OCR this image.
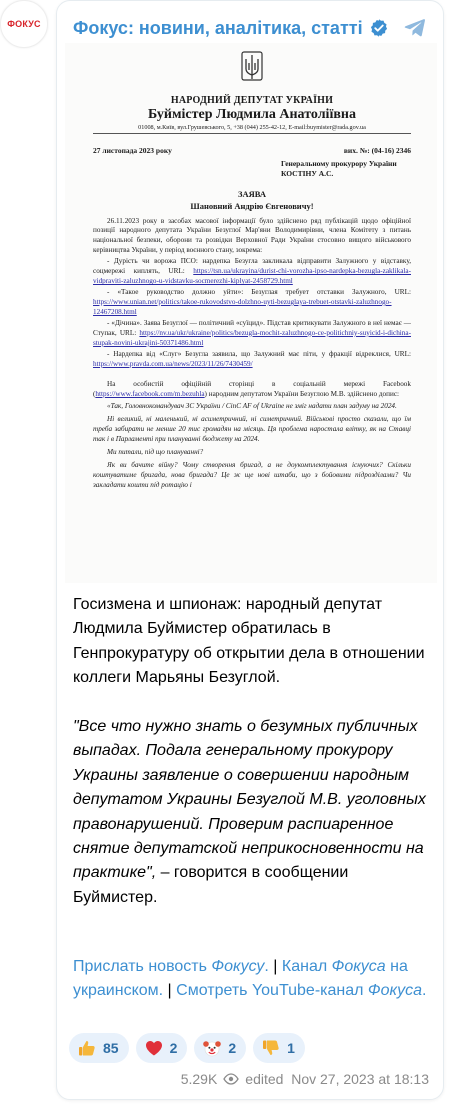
ФОКУС Фокус: новини, аналітика, статті
НАРОДНИЙ ДЕПУТАТ УКРАЇНИ
Буймістер Людмила Анатоліївна
01008, м.Київ, вул.Грушевського, 5, +38 (044) 255-42-12, E-mail:buymister@rada.gov.ua
27 листопада 2023 року	вих. №: (04-16) 2346
Генеральному прокурору України
КОСТІНУ А.С.
ЗАЯВА
Шановний Андрію Євгеновичу!

26.11.2023 року в засобах масової інформації було здійснено ряд публікацій щодо офіційної позиції народного депутата України Безуглої Мар'яни Володимирівни, члена Комітету з питань національної безпеки, оборони та розвідки Верховної Ради України стосовно вищого військового керівництва України, у період воєнного стану, зокрема:

- Дурість чи ворожа ПСО: нардепка Безугла закликала відправити Залужного у відставку, соцмережі киплять, URL: https://tsn.ua/ukrayina/durist-chi-vorozha-ipso-nardepka-bezugla-zaklikala-vidpraviti-zaluzhnogo-u-vidstavku-socmerezhi-kiplyat-2458729.html

- «Такое руководство должно уйти»: Безуглая требует отставки Залужного, URL: https://www.unian.net/politics/takoe-rukovodstvo-dolzhno-uyti-bezuglaya-trebuet-otstavki-zaluzhnogo-12467208.html

- «Дічина». Заява Безуглої — політичний «суїцид». Підстав критикувати Залужного в неї немає — Ступак, URL: https://nv.ua/ukr/ukraine/politics/bezugla-mochit-zaluzhnogo-ce-politichniy-suyicid-i-dichina-stupak-novini-ukrajini-50371486.html

- Нардепка від «Слуг» Безугла заявила, що Залужний має піти, у фракції відреклися, URL: https://www.pravda.com.ua/news/2023/11/26/7430459/

На особистій офіційній сторінці в соціальній мережі Facebook (https://www.facebook.com/m.bezuhla) народним депутатом України Безуглою М.В. здійснено допис:

«Так, Головнокомандувач ЗС України / CinC AF of Ukraine не зміг надати план задуму на 2024.

Ні великий, ні маленький, ні асиметричний, ні симетричний. Військові просто сказали, що їм треба забирати не менше 20 тис громадян на місяць. Ця проблема наростала влітку, як на Ставці так і в Парламенті при плануванні бюджету на 2024.

Ми питали, під що плануванні?

Як ви бачите війну? Чому створення бригад, а не доукомплектування існуючих? Скільки коштуватиме бригада, нова бригада? Це ж ще нові штаби, що з бойовими підрозділами? Чи закладати кошти під ротацію і

Госизмена и шпионаж: народный депутат Людмила Буймистер обратилась в Генпрокуратуру об открытии дела в отношении коллеги Марьяны Безуглой.
"Все что нужно знать о безумных публичных выпадах. Подала генеральному прокурору Украины заявление о совершении народным депутатом Украины Безуглой М.В. уголовных правонарушений. Проверим распиаренное снятие депутатской неприкосновенности на практике", – говорится в сообщении Буймистер.
Прислать новость Фокусу. | Канал Фокуса на украинском. | Смотреть YouTube-канал Фокуса.
85	2	2	1
5.29K edited  Nov 27, 2023 at 18:13
